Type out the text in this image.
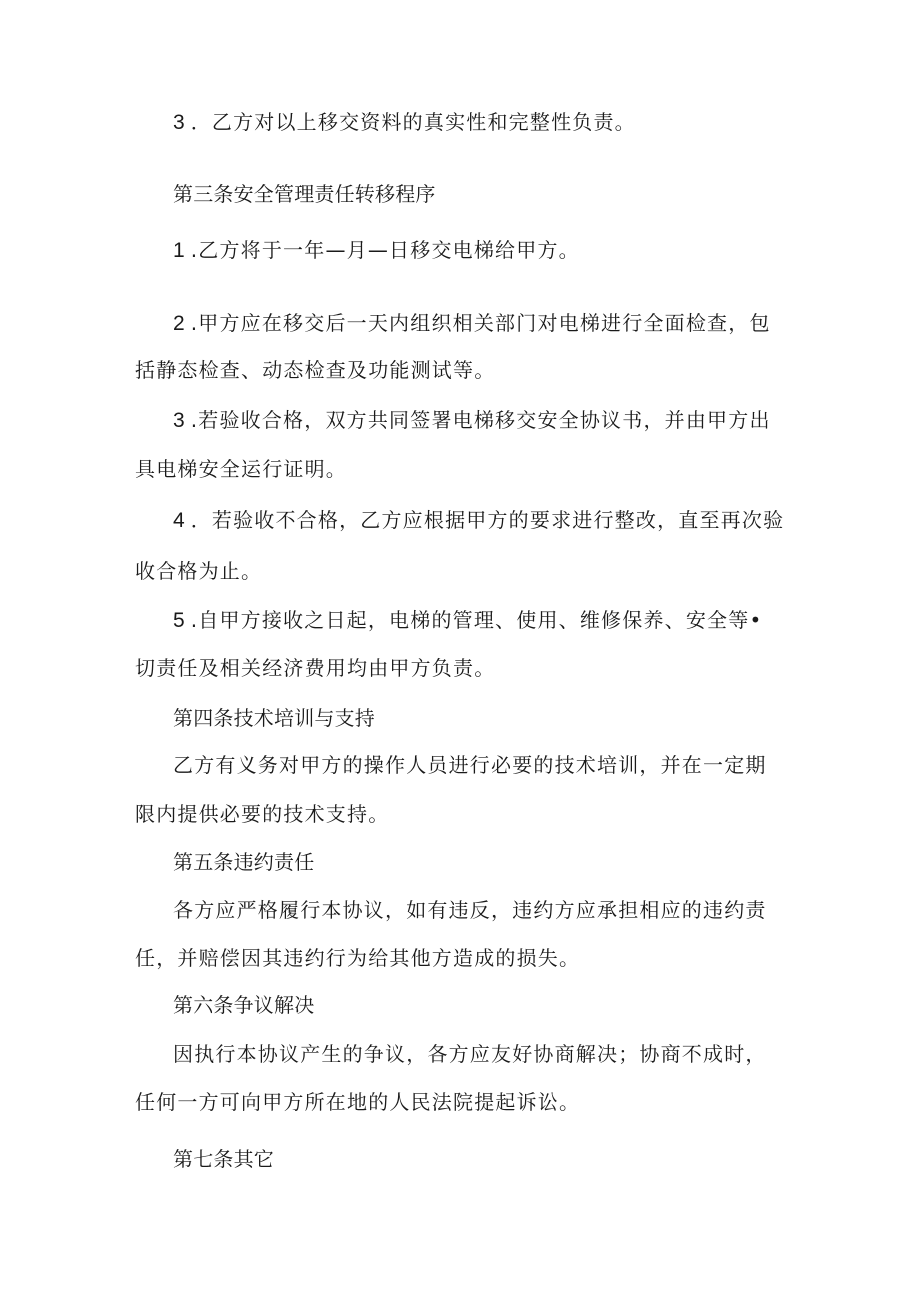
3 ．乙方对以上移交资料的真实性和完整性负责。
第三条安全管理责任转移程序
1 .乙方将于一年—月—日移交电梯给甲方。
2 .甲方应在移交后一天内组织相关部门对电梯进行全面检查，包
括静态检查、动态检查及功能测试等。
3 .若验收合格，双方共同签署电梯移交安全协议书，并由甲方出
具电梯安全运行证明。
4 ．若验收不合格，乙方应根据甲方的要求进行整改，直至再次验
收合格为止。
5 .自甲方接收之日起，电梯的管理、使用、维修保养、安全等•
切责任及相关经济费用均由甲方负责。
第四条技术培训与支持
乙方有义务对甲方的操作人员进行必要的技术培训，并在一定期
限内提供必要的技术支持。
第五条违约责任
各方应严格履行本协议，如有违反，违约方应承担相应的违约责
任，并赔偿因其违约行为给其他方造成的损失。
第六条争议解决
因执行本协议产生的争议，各方应友好协商解决；协商不成时，
任何一方可向甲方所在地的人民法院提起诉讼。
第七条其它
